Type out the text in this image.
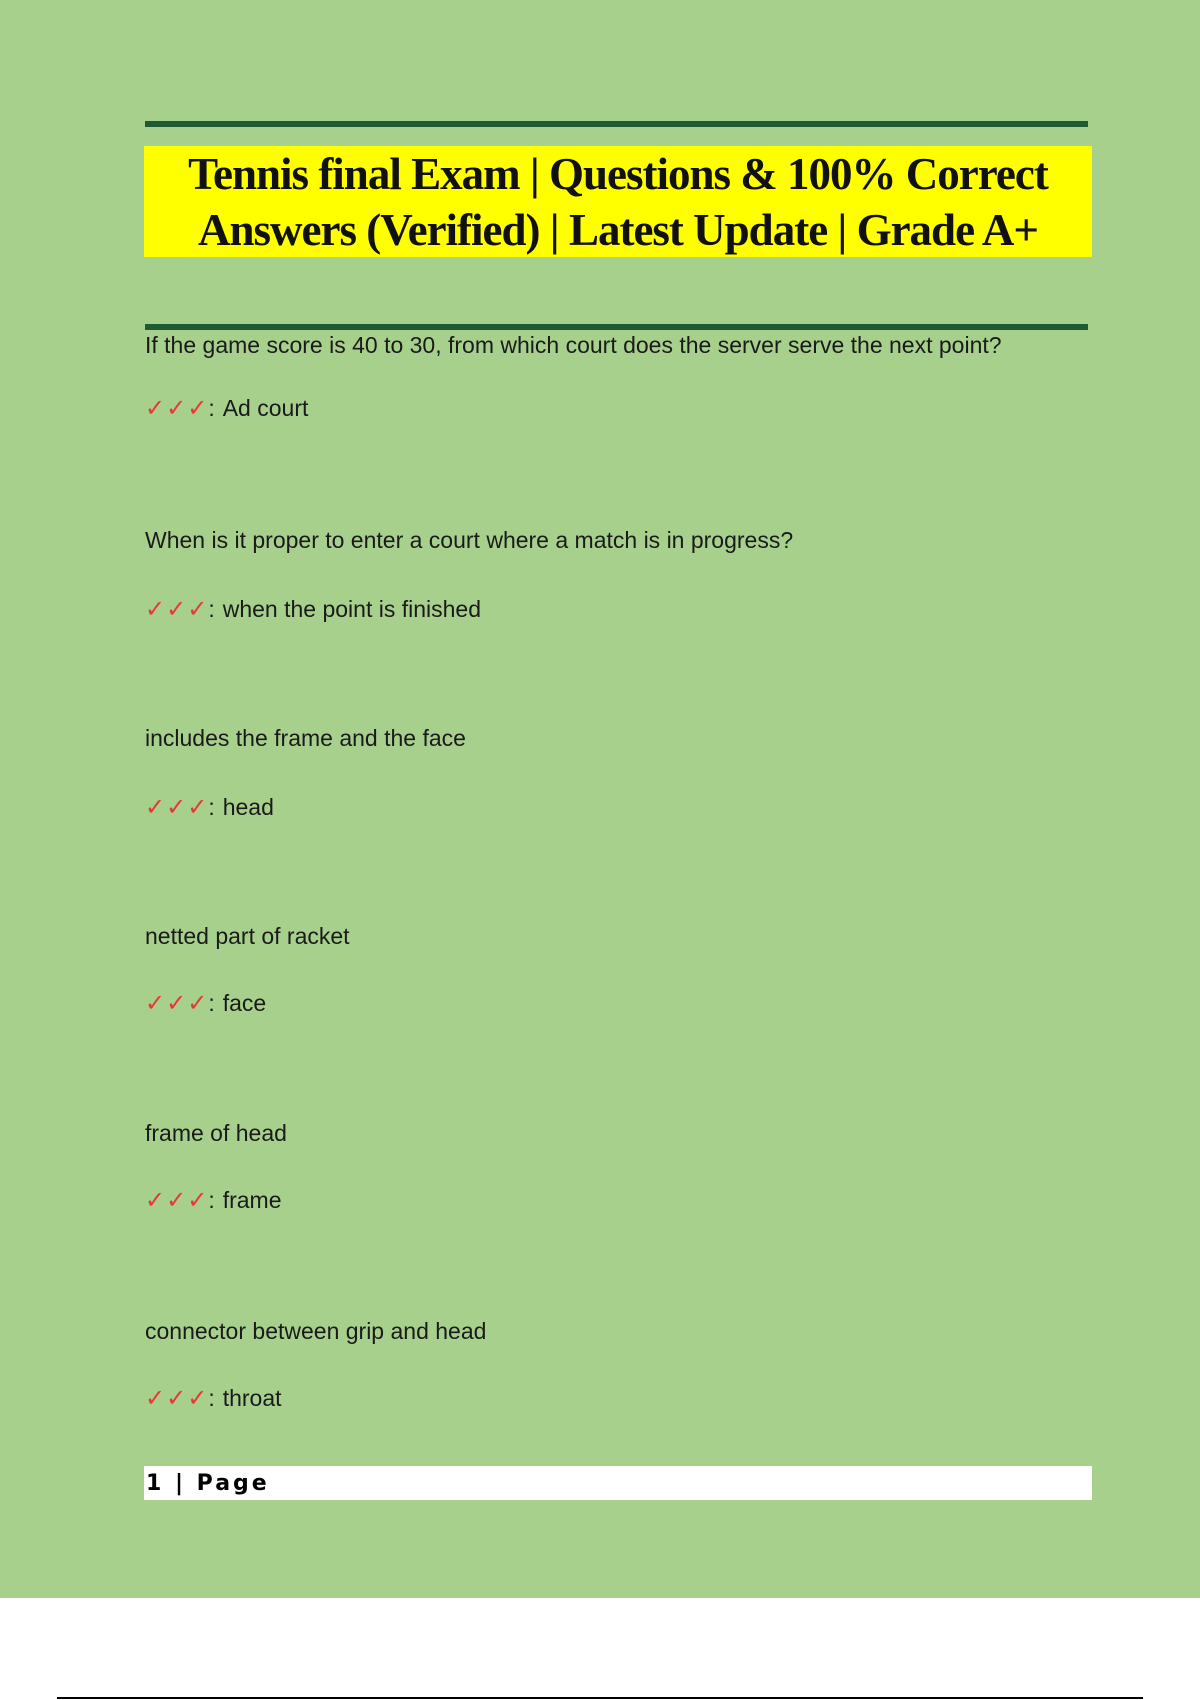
Tennis final Exam | Questions & 100% Correct
Answers (Verified) | Latest Update | Grade A+
If the game score is 40 to 30, from which court does the server serve the next point?
✓✓✓ : Ad court
When is it proper to enter a court where a match is in progress?
✓✓✓ : when the point is finished
includes the frame and the face
✓✓✓ : head
netted part of racket
✓✓✓ : face
frame of head
✓✓✓ : frame
connector between grip and head
✓✓✓ : throat
1 | Page
